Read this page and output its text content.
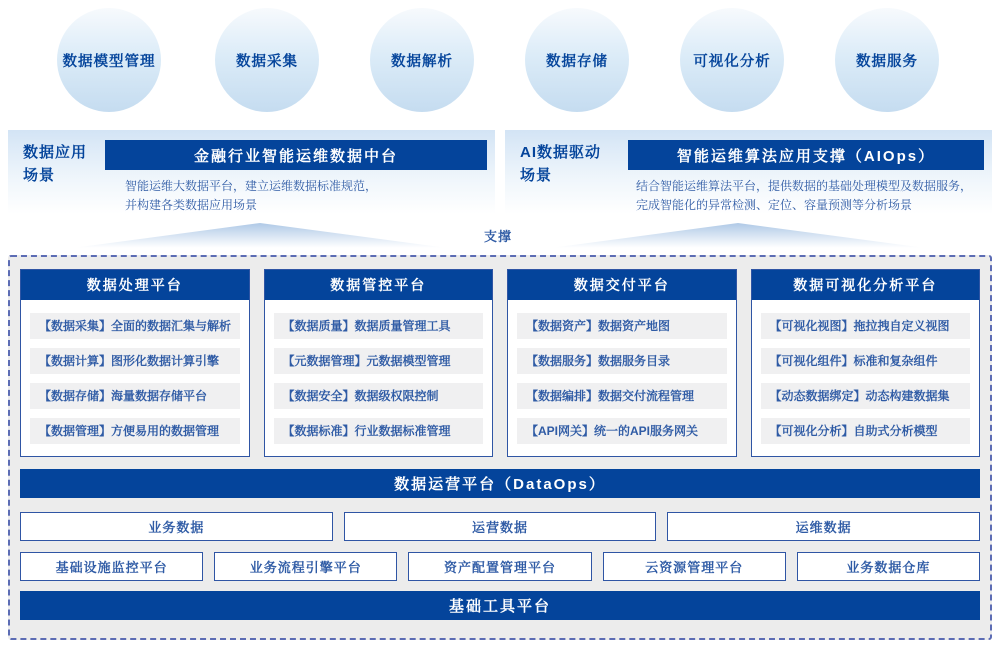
数据模型管理	数据采集	数据解析	数据存储	可视化分析	数据服务
数据应用
场景
金融行业智能运维数据中台
智能运维大数据平台，建立运维数据标准规范，
并构建各类数据应用场景
AI数据驱动
场景
智能运维算法应用支撑（AIOps）
结合智能运维算法平台，提供数据的基础处理模型及数据服务，
完成智能化的异常检测、定位、容量预测等分析场景
支撑
数据处理平台
【数据采集】全面的数据汇集与解析
【数据计算】图形化数据计算引擎
【数据存储】海量数据存储平台
【数据管理】方便易用的数据管理
数据管控平台
【数据质量】数据质量管理工具
【元数据管理】元数据模型管理
【数据安全】数据级权限控制
【数据标准】行业数据标准管理
数据交付平台
【数据资产】数据资产地图
【数据服务】数据服务目录
【数据编排】数据交付流程管理
【API网关】统一的API服务网关
数据可视化分析平台
【可视化视图】拖拉拽自定义视图
【可视化组件】标准和复杂组件
【动态数据绑定】动态构建数据集
【可视化分析】自助式分析模型
数据运营平台（DataOps）
业务数据	运营数据	运维数据
基础设施监控平台	业务流程引擎平台	资产配置管理平台	云资源管理平台	业务数据仓库
基础工具平台
